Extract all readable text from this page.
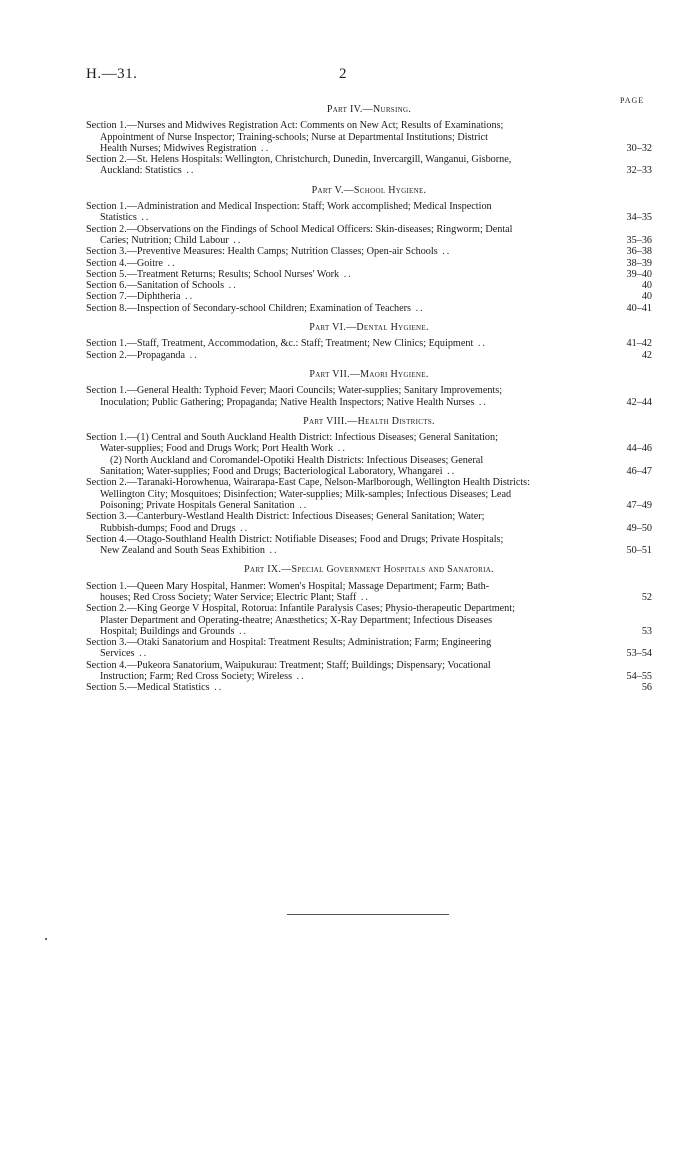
H.—31.	2
PAGE
Part IV.—Nursing.
Section 1.—Nurses and Midwives Registration Act: Comments on New Act; Results of Examinations;
Appointment of Nurse Inspector; Training-schools; Nurse at Departmental Institutions; District
Health Nurses; Midwives Registration ..	30–32
Section 2.—St. Helens Hospitals: Wellington, Christchurch, Dunedin, Invercargill, Wanganui, Gisborne,
Auckland: Statistics ..	32–33
Part V.—School Hygiene.
Section 1.—Administration and Medical Inspection: Staff; Work accomplished; Medical Inspection
Statistics ..	34–35
Section 2.—Observations on the Findings of School Medical Officers: Skin-diseases; Ringworm; Dental
Caries; Nutrition; Child Labour ..	35–36
Section 3.—Preventive Measures: Health Camps; Nutrition Classes; Open-air Schools ..	36–38
Section 4.—Goitre ..	38–39
Section 5.—Treatment Returns; Results; School Nurses' Work ..	39–40
Section 6.—Sanitation of Schools ..	40
Section 7.—Diphtheria ..	40
Section 8.—Inspection of Secondary-school Children; Examination of Teachers ..	40–41
Part VI.—Dental Hygiene.
Section 1.—Staff, Treatment, Accommodation, &c.: Staff; Treatment; New Clinics; Equipment ..	41–42
Section 2.—Propaganda ..	42
Part VII.—Maori Hygiene.
Section 1.—General Health: Typhoid Fever; Maori Councils; Water-supplies; Sanitary Improvements;
Inoculation; Public Gathering; Propaganda; Native Health Inspectors; Native Health Nurses ..	42–44
Part VIII.—Health Districts.
Section 1.—(1) Central and South Auckland Health District: Infectious Diseases; General Sanitation;
Water-supplies; Food and Drugs Work; Port Health Work ..	44–46
(2) North Auckland and Coromandel-Opotiki Health Districts: Infectious Diseases; General
Sanitation; Water-supplies; Food and Drugs; Bacteriological Laboratory, Whangarei ..	46–47
Section 2.—Taranaki-Horowhenua, Wairarapa-East Cape, Nelson-Marlborough, Wellington Health Districts:
Wellington City; Mosquitoes; Disinfection; Water-supplies; Milk-samples; Infectious Diseases; Lead
Poisoning; Private Hospitals General Sanitation ..	47–49
Section 3.—Canterbury-Westland Health District: Infectious Diseases; General Sanitation; Water;
Rubbish-dumps; Food and Drugs ..	49–50
Section 4.—Otago-Southland Health District: Notifiable Diseases; Food and Drugs; Private Hospitals;
New Zealand and South Seas Exhibition ..	50–51
Part IX.—Special Government Hospitals and Sanatoria.
Section 1.—Queen Mary Hospital, Hanmer: Women's Hospital; Massage Department; Farm; Bath-
houses; Red Cross Society; Water Service; Electric Plant; Staff ..	52
Section 2.—King George V Hospital, Rotorua: Infantile Paralysis Cases; Physio-therapeutic Department;
Plaster Department and Operating-theatre; Anæsthetics; X-Ray Department; Infectious Diseases
Hospital; Buildings and Grounds ..	53
Section 3.—Otaki Sanatorium and Hospital: Treatment Results; Administration; Farm; Engineering
Services ..	53–54
Section 4.—Pukeora Sanatorium, Waipukurau: Treatment; Staff; Buildings; Dispensary; Vocational
Instruction; Farm; Red Cross Society; Wireless ..	54–55
Section 5.—Medical Statistics ..	56
